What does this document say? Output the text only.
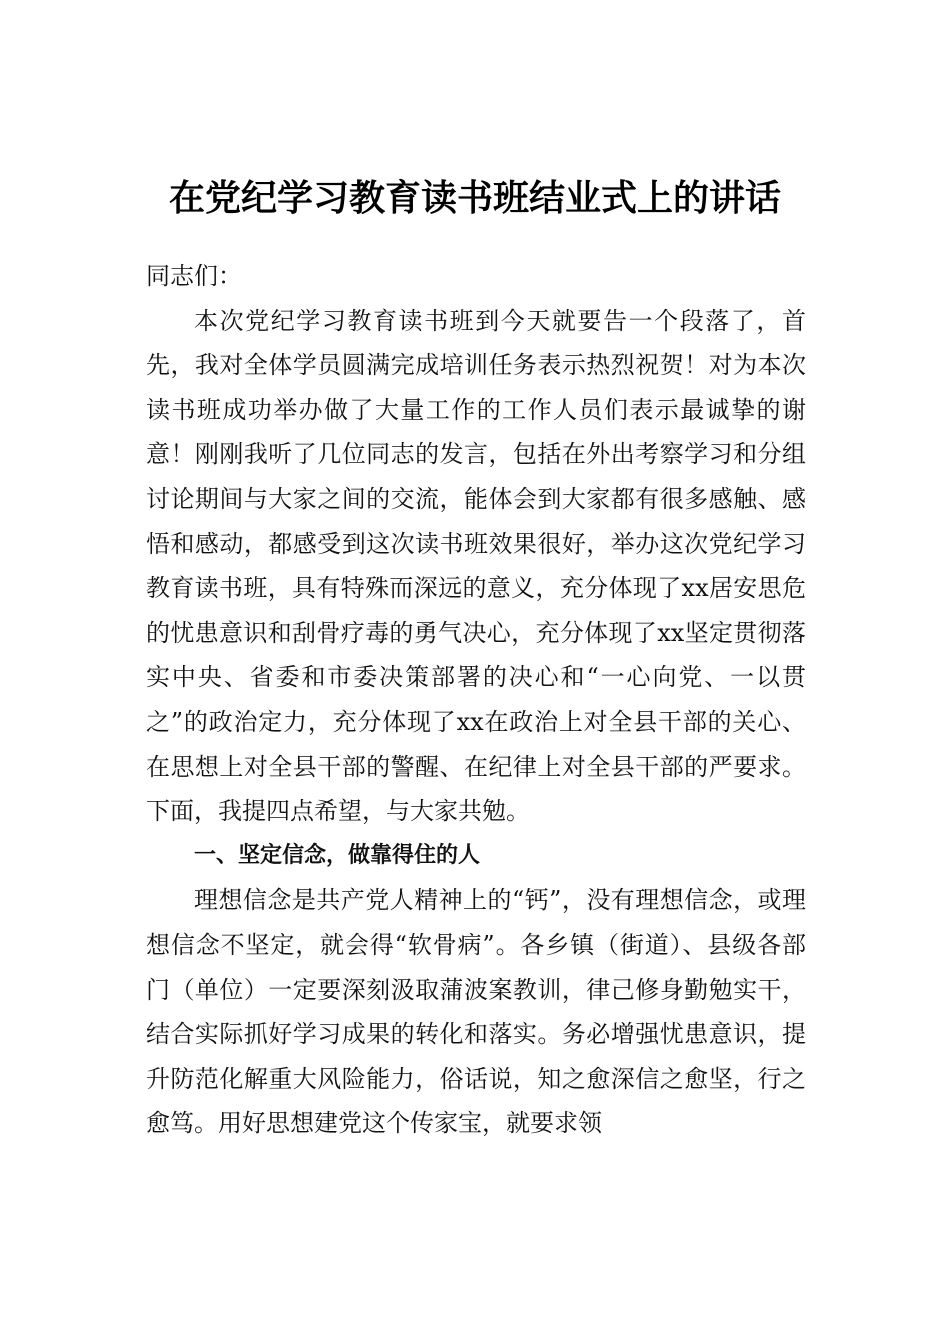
在党纪学习教育读书班结业式上的讲话

同志们：

本次党纪学习教育读书班到今天就要告一个段落了，首先，我对全体学员圆满完成培训任务表示热烈祝贺！对为本次读书班成功举办做了大量工作的工作人员们表示最诚挚的谢意！刚刚我听了几位同志的发言，包括在外出考察学习和分组讨论期间与大家之间的交流，能体会到大家都有很多感触、感悟和感动，都感受到这次读书班效果很好，举办这次党纪学习教育读书班，具有特殊而深远的意义，充分体现了xx居安思危的忧患意识和刮骨疗毒的勇气决心，充分体现了xx坚定贯彻落实中央、省委和市委决策部署的决心和“一心向党、一以贯之”的政治定力，充分体现了xx在政治上对全县干部的关心、在思想上对全县干部的警醒、在纪律上对全县干部的严要求。下面，我提四点希望，与大家共勉。

一、坚定信念，做靠得住的人

理想信念是共产党人精神上的“钙”，没有理想信念，或理想信念不坚定，就会得“软骨病”。各乡镇（街道）、县级各部门（单位）一定要深刻汲取蒲波案教训，律己修身勤勉实干，结合实际抓好学习成果的转化和落实。务必增强忧患意识，提升防范化解重大风险能力，俗话说，知之愈深信之愈坚，行之愈笃。用好思想建党这个传家宝，就要求领
